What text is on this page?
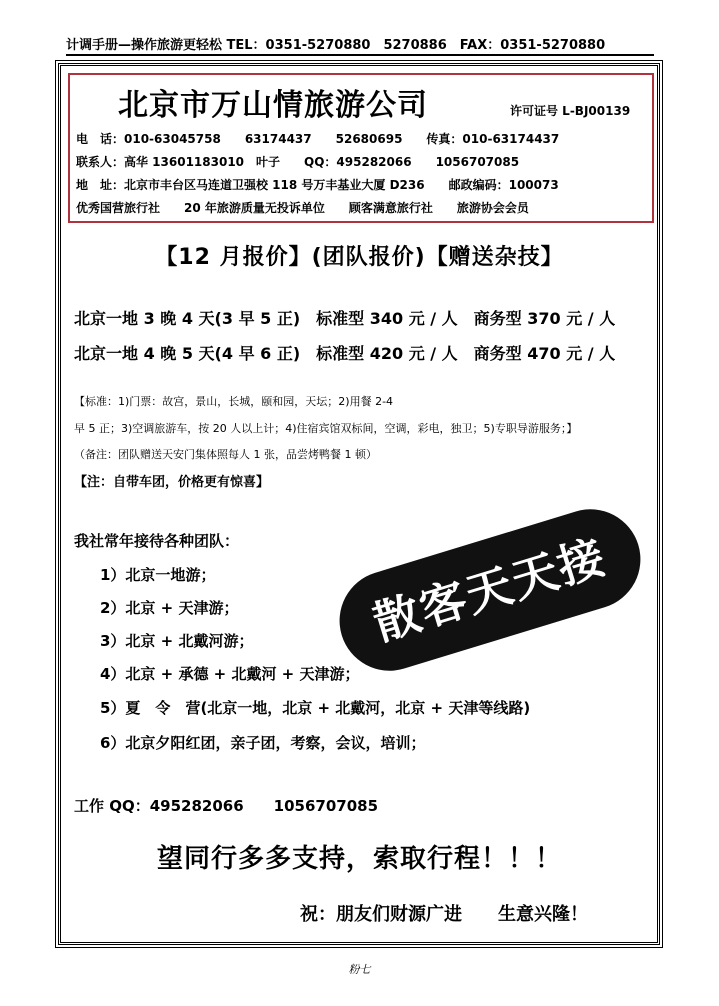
计调手册—操作旅游更轻松 TEL：0351-5270880　5270886　FAX：0351-5270880
北京市万山情旅游公司	许可证号 L-BJ00139
电　话：010-63045758　　63174437　　52680695　　传真：010-63174437
联系人：高华 13601183010　叶子　　QQ：495282066　　1056707085
地　址：北京市丰台区马连道卫强校 118 号万丰基业大厦 D236　　邮政编码：100073
优秀国营旅行社　　20 年旅游质量无投诉单位　　顾客满意旅行社　　旅游协会会员
【12 月报价】(团队报价)【赠送杂技】
北京一地 3 晚 4 天(3 早 5 正)　标准型 340 元 / 人　商务型 370 元 / 人
北京一地 4 晚 5 天(4 早 6 正)　标准型 420 元 / 人　商务型 470 元 / 人
【标准：1)门票：故宫，景山，长城，颐和园，天坛；2)用餐 2-4
早 5 正；3)空调旅游车，按 20 人以上计；4)住宿宾馆双标间，空调，彩电，独卫；5)专职导游服务；】
（备注：团队赠送天安门集体照每人 1 张，品尝烤鸭餐 1 顿）
【注：自带车团，价格更有惊喜】
我社常年接待各种团队：
1）北京一地游；
2）北京 + 天津游；
3）北京 + 北戴河游；
4）北京 + 承德 + 北戴河 + 天津游；
5）夏　令　营(北京一地，北京 + 北戴河，北京 + 天津等线路)
6）北京夕阳红团，亲子团，考察，会议，培训；
散客天天接
工作 QQ：495282066　　1056707085
望同行多多支持，索取行程！！！
祝：朋友们财源广进　　生意兴隆！
粉七
